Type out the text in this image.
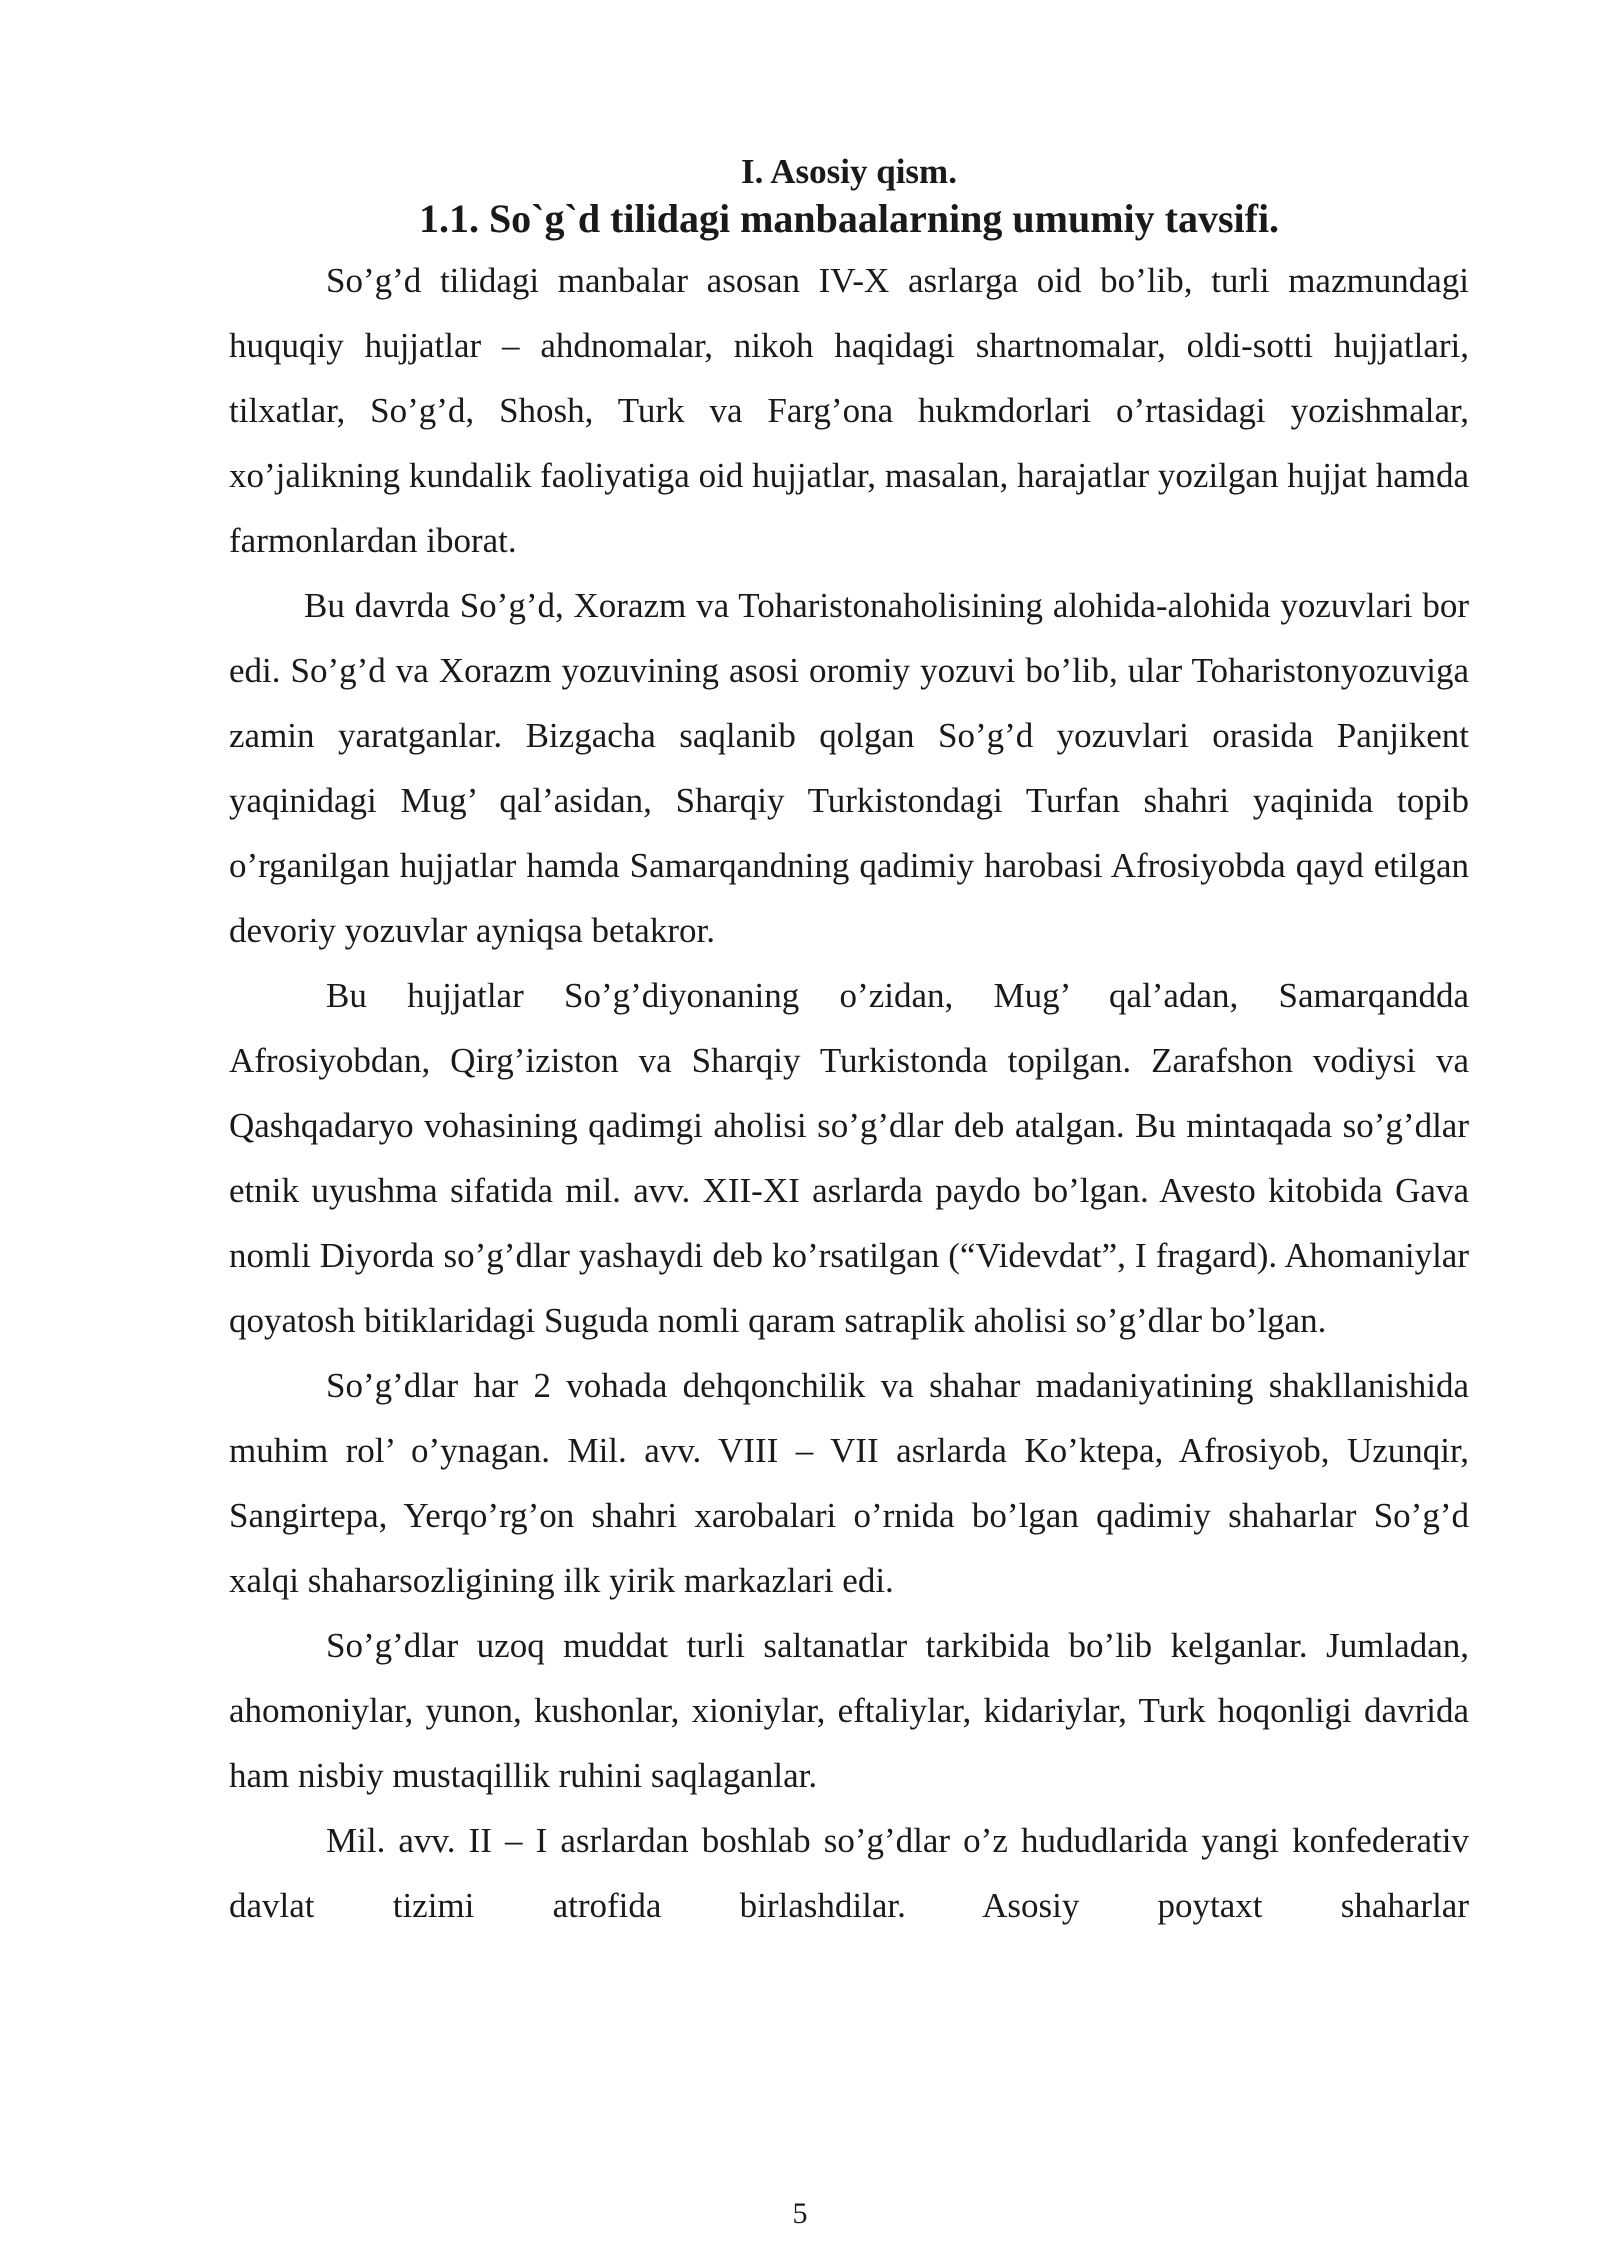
I. Asosiy qism.
1.1. So`g`d tilidagi manbaalarning umumiy tavsifi.

So’g’d tilidagi manbalar asosan IV-X asrlarga oid bo’lib, turli mazmundagi huquqiy hujjatlar – ahdnomalar, nikoh haqidagi shartnomalar, oldi-sotti hujjatlari, tilxatlar, So’g’d, Shosh, Turk va Farg’ona hukmdorlari o’rtasidagi yozishmalar, xo’jalikning kundalik faoliyatiga oid hujjatlar, masalan, harajatlar yozilgan hujjat hamda farmonlardan iborat.

Bu davrda So’g’d, Xorazm va Toharistonaholisining alohida-alohida yozuvlari bor edi. So’g’d va Xorazm yozuvining asosi oromiy yozuvi bo’lib, ular Toharistonyozuviga zamin yaratganlar. Bizgacha saqlanib qolgan So’g’d yozuvlari orasida Panjikent yaqinidagi Mug’ qal’asidan, Sharqiy Turkistondagi Turfan shahri yaqinida topib o’rganilgan hujjatlar hamda Samarqandning qadimiy harobasi Afrosiyobda qayd etilgan devoriy yozuvlar ayniqsa betakror.

Bu hujjatlar So’g’diyonaning o’zidan, Mug’ qal’adan, Samarqandda Afrosiyobdan, Qirg’iziston va Sharqiy Turkistonda topilgan. Zarafshon vodiysi va Qashqadaryo vohasining qadimgi aholisi so’g’dlar deb atalgan. Bu mintaqada so’g’dlar etnik uyushma sifatida mil. avv. XII-XI asrlarda paydo bo’lgan. Avesto kitobida Gava nomli Diyorda so’g’dlar yashaydi deb ko’rsatilgan (“Videvdat”, I fragard). Ahomaniylar qoyatosh bitiklaridagi Suguda nomli qaram satraplik aholisi so’g’dlar bo’lgan.

So’g’dlar har 2 vohada dehqonchilik va shahar madaniyatining shakllanishida muhim rol’ o’ynagan. Mil. avv. VIII – VII asrlarda Ko’ktepa, Afrosiyob, Uzunqir, Sangirtepa, Yerqo’rg’on shahri xarobalari o’rnida bo’lgan qadimiy shaharlar So’g’d xalqi shaharsozligining ilk yirik markazlari edi.

So’g’dlar uzoq muddat turli saltanatlar tarkibida bo’lib kelganlar. Jumladan, ahomoniylar, yunon, kushonlar, xioniylar, eftaliylar, kidariylar, Turk hoqonligi davrida ham nisbiy mustaqillik ruhini saqlaganlar.

Mil. avv. II – I asrlardan boshlab so’g’dlar o’z hududlarida yangi konfederativ davlat tizimi atrofida birlashdilar. Asosiy poytaxt shaharlar

5
